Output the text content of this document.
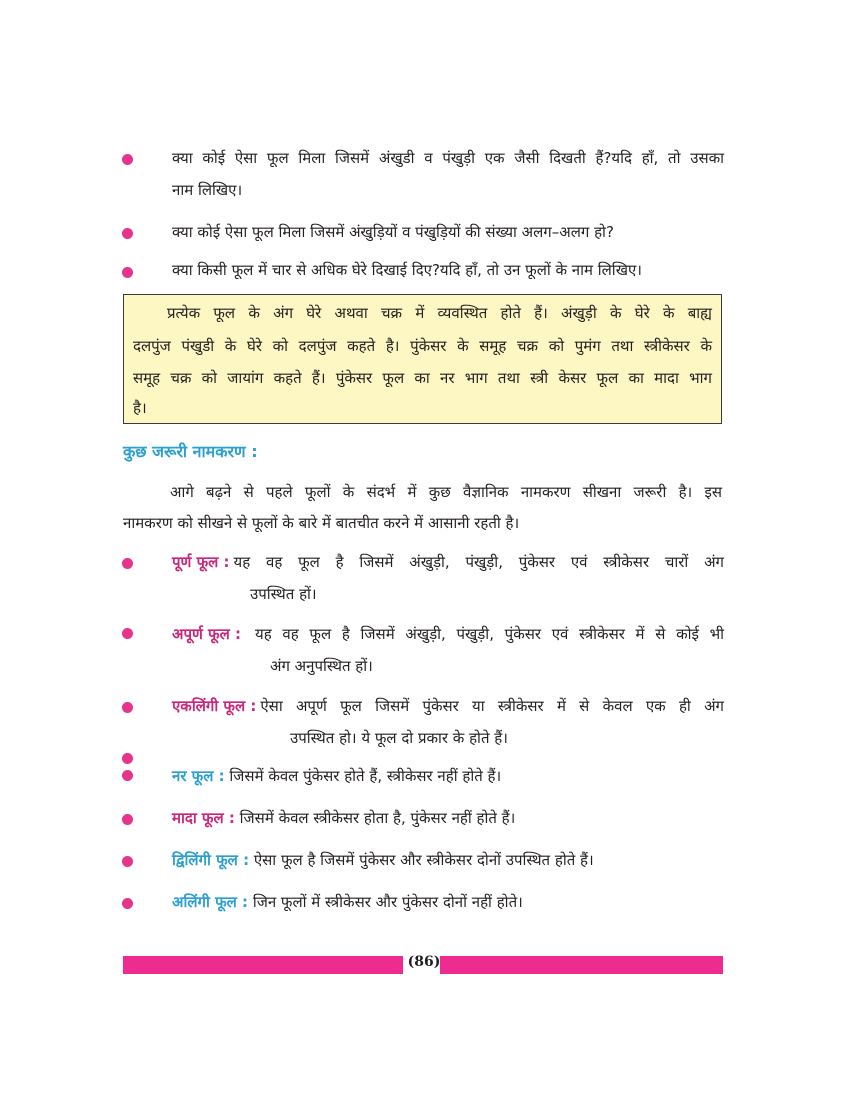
क्या कोई ऐसा फूल मिला जिसमें अंखुडी व पंखुड़ी एक जैसी दिखती हैं?यदि हाँ, तो उसका
नाम लिखिए।
क्या कोई ऐसा फूल मिला जिसमें अंखुड़ियों व पंखुड़ियों की संख्या अलग–अलग हो?
क्या किसी फूल में चार से अधिक घेरे दिखाई दिए?यदि हाँ, तो उन फूलों के नाम लिखिए।
प्रत्येक फूल के अंग घेरे अथवा चक्र में व्यवस्थित होते हैं। अंखुड़ी के घेरे के बाह्य
दलपुंज पंखुडी के घेरे को दलपुंज कहते है। पुंकेसर के समूह चक्र को पुमंग तथा स्त्रीकेसर के
समूह चक्र को जायांग कहते हैं। पुंकेसर फूल का नर भाग तथा स्त्री केसर फूल का मादा भाग
है।
कुछ जरूरी नामकरण :
आगे बढ़ने से पहले फूलों के संदर्भ में कुछ वैज्ञानिक नामकरण सीखना जरूरी है। इस
नामकरण को सीखने से फूलों के बारे में बातचीत करने में आसानी रहती है।
पूर्ण फूल : यह वह फूल है जिसमें अंखुड़ी, पंखुड़ी, पुंकेसर एवं स्त्रीकेसर चारों अंग
उपस्थित हों।
अपूर्ण फूल : यह वह फूल है जिसमें अंखुड़ी, पंखुड़ी, पुंकेसर एवं स्त्रीकेसर में से कोई भी
अंग अनुपस्थित हों।
एकलिंगी फूल : ऐसा अपूर्ण फूल जिसमें पुंकेसर या स्त्रीकेसर में से केवल एक ही अंग
उपस्थित हो। ये फूल दो प्रकार के होते हैं।
नर फूल : जिसमें केवल पुंकेसर होते हैं, स्त्रीकेसर नहीं होते हैं।
मादा फूल : जिसमें केवल स्त्रीकेसर होता है, पुंकेसर नहीं होते हैं।
द्विलिंगी फूल : ऐसा फूल है जिसमें पुंकेसर और स्त्रीकेसर दोनों उपस्थित होते हैं।
अलिंगी फूल : जिन फूलों में स्त्रीकेसर और पुंकेसर दोनों नहीं होते।
(86)
